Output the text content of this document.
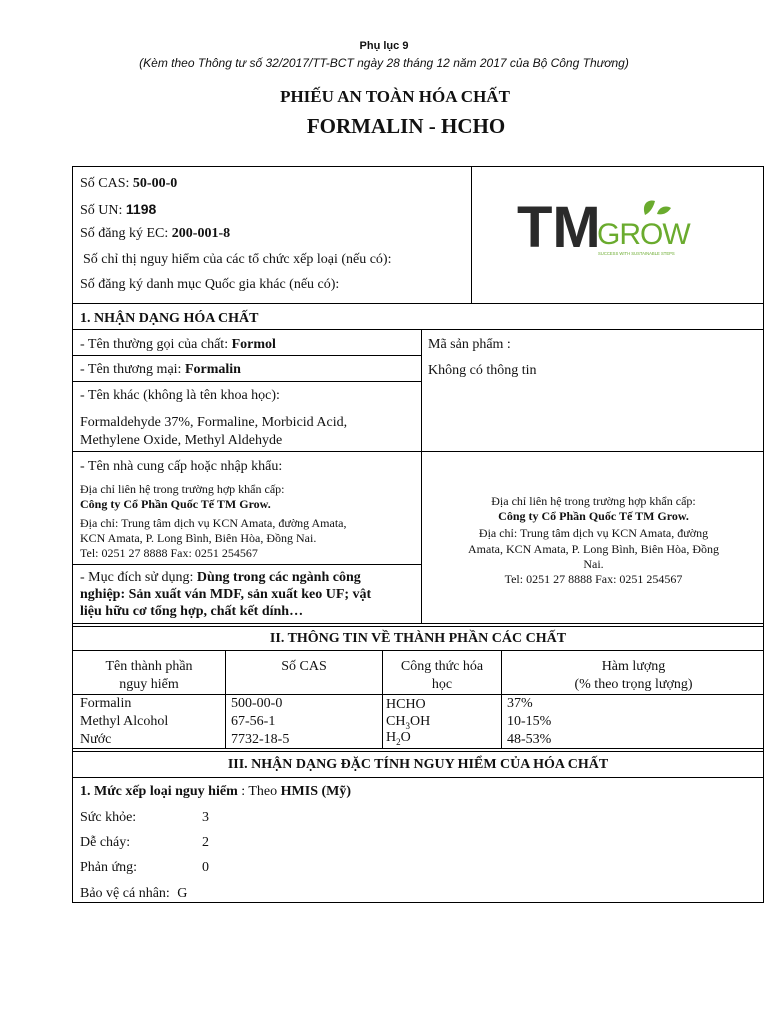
Phụ lục 9
(Kèm theo Thông tư số 32/2017/TT-BCT ngày 28 tháng 12 năm 2017 của Bộ Công Thương)
PHIẾU AN TOÀN HÓA CHẤT
FORMALIN - HCHO
Số CAS: 50-00-0
Số UN: 1198
Số đăng ký EC: 200-001-8
Số chỉ thị nguy hiểm của các tổ chức xếp loại (nếu có):
Số đăng ký danh mục Quốc gia khác (nếu có):
TM
GROW
SUCCESS WITH SUSTAINABLE STEPS
1. NHẬN DẠNG HÓA CHẤT
- Tên thường gọi của chất: Formol
- Tên thương mại: Formalin
- Tên khác (không là tên khoa học):
Formaldehyde 37%, Formaline, Morbicid Acid,
Methylene Oxide, Methyl Aldehyde
Mã sản phẩm :
Không có thông tin
- Tên nhà cung cấp hoặc nhập khẩu:
Địa chỉ liên hệ trong trường hợp khẩn cấp:
Công ty Cổ Phần Quốc Tế TM Grow.
Địa chỉ: Trung tâm dịch vụ KCN Amata, đường Amata,
KCN Amata, P. Long Bình, Biên Hòa, Đồng Nai.
Tel: 0251 27 8888 Fax: 0251 254567
Địa chỉ liên hệ trong trường hợp khẩn cấp:
Công ty Cổ Phần Quốc Tế TM Grow.
Địa chỉ: Trung tâm dịch vụ KCN Amata, đường
Amata, KCN Amata, P. Long Bình, Biên Hòa, Đồng
Nai.
Tel: 0251 27 8888 Fax: 0251 254567
- Mục đích sử dụng: Dùng trong các ngành công
nghiệp: Sản xuất ván MDF, sản xuất keo UF; vật
liệu hữu cơ tổng hợp, chất kết dính…
II. THÔNG TIN VỀ THÀNH PHẦN CÁC CHẤT
Tên thành phần
nguy hiểm
Số CAS	Công thức hóa
học
Hàm lượng
(% theo trọng lượng)
Formalin	500-00-0	HCHO	37%
Methyl Alcohol	67-56-1	$CH_3OH$	10-15%
Nước	7732-18-5	$H_2O$	48-53%
III. NHẬN DẠNG ĐẶC TÍNH NGUY HIỂM CỦA HÓA CHẤT
1. Mức xếp loại nguy hiểm : Theo HMIS (Mỹ)
Sức khỏe:	3
Dễ cháy:	2
Phản ứng:	0
Bảo vệ cá nhân: G
